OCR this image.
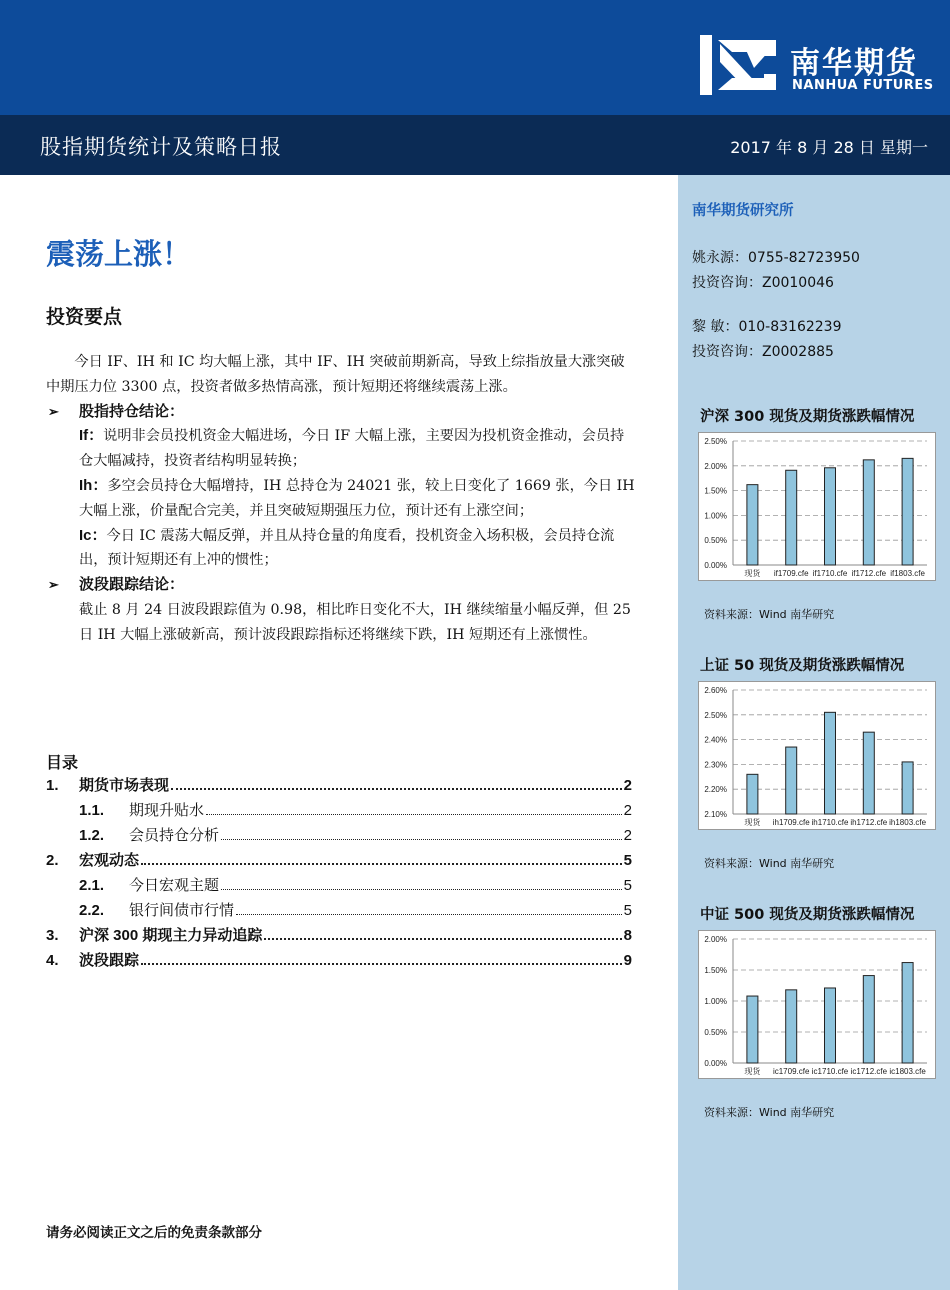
南华期货
NANHUA FUTURES
股指期货统计及策略日报	2017 年 8 月 28 日 星期一
南华期货研究所
姚永源：0755-82723950
投资咨询：Z0010046
黎 敏：010-83162239
投资咨询：Z0002885
沪深 300 现货及期货涨跌幅情况
0.00%
0.50%
1.00%
1.50%
2.00%
2.50%
现货 if1709.cfe if1710.cfe if1712.cfe if1803.cfe
资料来源：Wind 南华研究
上证 50 现货及期货涨跌幅情况
2.10%
2.20%
2.30%
2.40%
2.50%
2.60%
现货 ih1709.cfe ih1710.cfe ih1712.cfe ih1803.cfe
资料来源：Wind 南华研究
中证 500 现货及期货涨跌幅情况
0.00%
0.50%
1.00%
1.50%
2.00%
现货 ic1709.cfe ic1710.cfe ic1712.cfe ic1803.cfe
资料来源：Wind 南华研究
震荡上涨！
投资要点

今日 IF、IH 和 IC 均大幅上涨，其中 IF、IH 突破前期新高，导致上综指放量大涨突破中期压力位 3300 点，投资者做多热情高涨，预计短期还将继续震荡上涨。

➢ 股指持仓结论：

If：说明非会员投机资金大幅进场，今日 IF 大幅上涨，主要因为投机资金推动，会员持仓大幅减持，投资者结构明显转换；

Ih：多空会员持仓大幅增持，IH 总持仓为 24021 张，较上日变化了 1669 张，今日 IH 大幅上涨，价量配合完美，并且突破短期强压力位，预计还有上涨空间；

Ic：今日 IC 震荡大幅反弹，并且从持仓量的角度看，投机资金入场积极，会员持仓流出，预计短期还有上冲的惯性；

➢ 波段跟踪结论：

截止 8 月 24 日波段跟踪值为 0.98，相比昨日变化不大，IH 继续缩量小幅反弹，但 25 日 IH 大幅上涨破新高，预计波段跟踪指标还将继续下跌，IH 短期还有上涨惯性。

目录
1.	期货市场表现	2
1.1.	期现升贴水	2
1.2.	会员持仓分析	2
2.	宏观动态	5
2.1.	今日宏观主题	5
2.2.	银行间债市行情	5
3.	沪深 300 期现主力异动追踪	8
4.	波段跟踪	9
请务必阅读正文之后的免责条款部分
